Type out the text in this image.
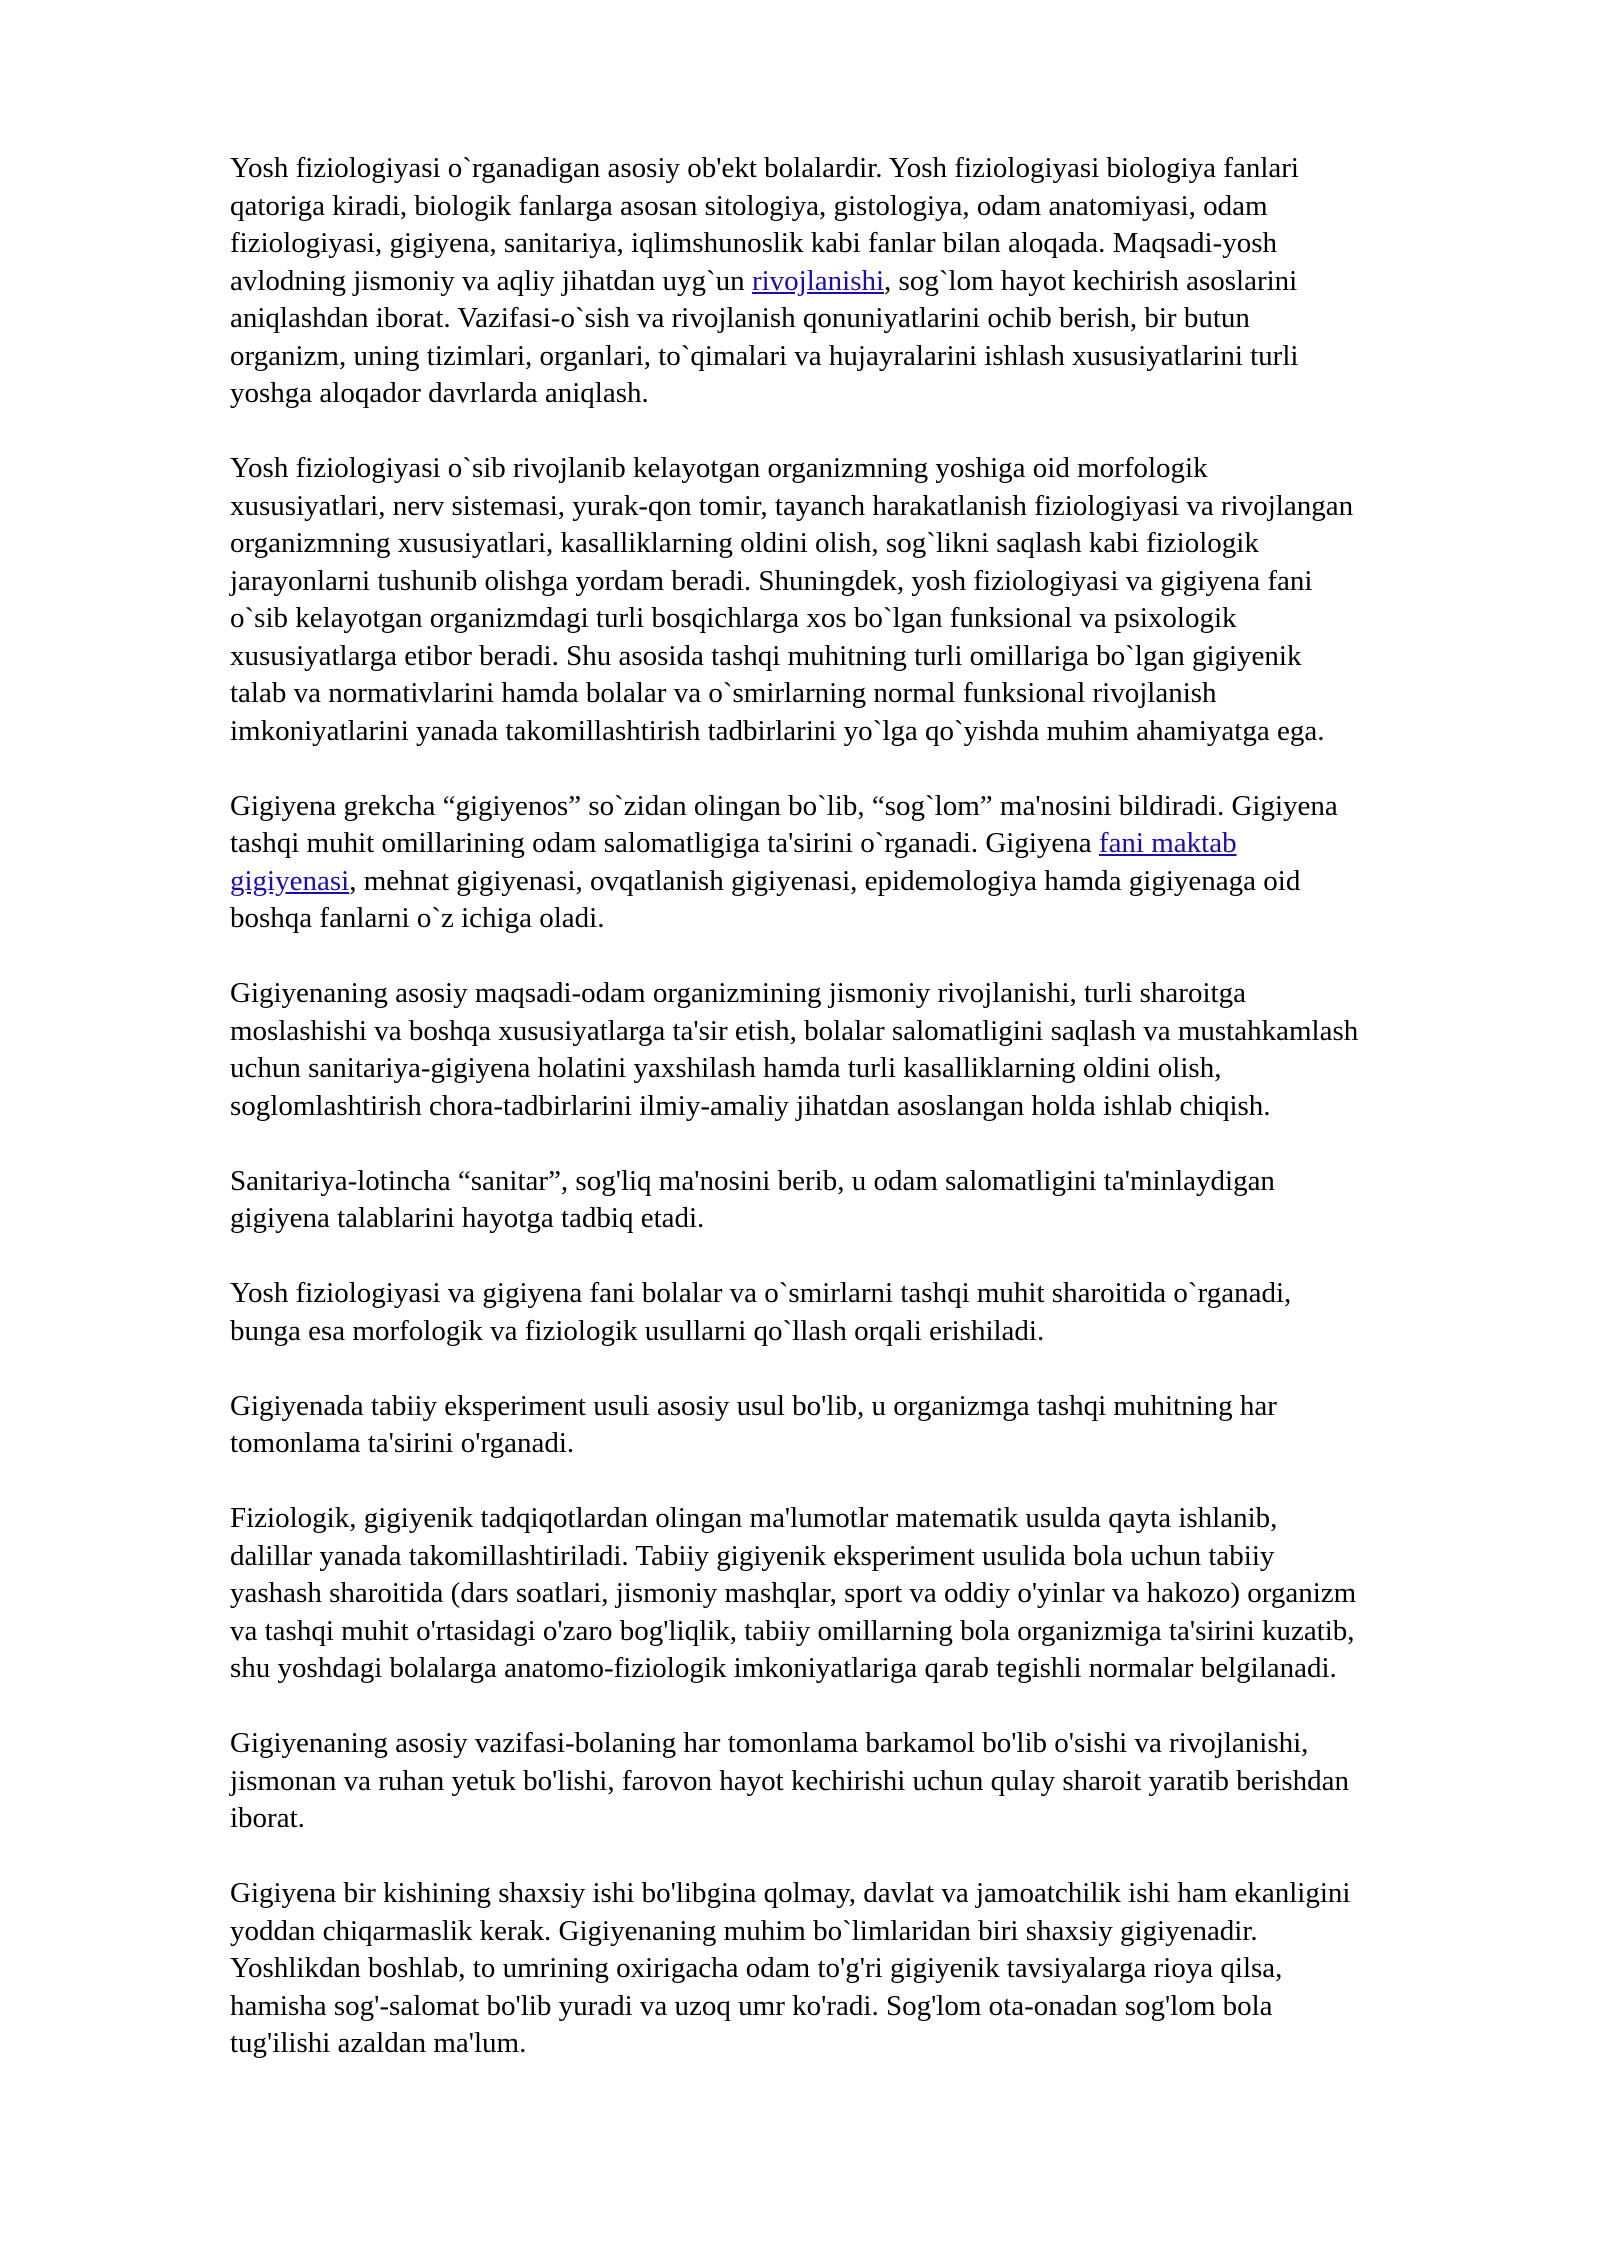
Yosh fiziologiyasi o`rganadigan asosiy ob'ekt bolalardir. Yosh fiziologiyasi biologiya fanlari
qatoriga kiradi, biologik fanlarga asosan sitologiya, gistologiya, odam anatomiyasi, odam
fiziologiyasi, gigiyena, sanitariya, iqlimshunoslik kabi fanlar bilan aloqada. Maqsadi-yosh
avlodning jismoniy va aqliy jihatdan uyg`un rivojlanishi, sog`lom hayot kechirish asoslarini
aniqlashdan iborat. Vazifasi-o`sish va rivojlanish qonuniyatlarini ochib berish, bir butun
organizm, uning tizimlari, organlari, to`qimalari va hujayralarini ishlash xususiyatlarini turli
yoshga aloqador davrlarda aniqlash.

Yosh fiziologiyasi o`sib rivojlanib kelayotgan organizmning yoshiga oid morfologik
xususiyatlari, nerv sistemasi, yurak-qon tomir, tayanch harakatlanish fiziologiyasi va rivojlangan
organizmning xususiyatlari, kasalliklarning oldini olish, sog`likni saqlash kabi fiziologik
jarayonlarni tushunib olishga yordam beradi. Shuningdek, yosh fiziologiyasi va gigiyena fani
o`sib kelayotgan organizmdagi turli bosqichlarga xos bo`lgan funksional va psixologik
xususiyatlarga etibor beradi. Shu asosida tashqi muhitning turli omillariga bo`lgan gigiyenik
talab va normativlarini hamda bolalar va o`smirlarning normal funksional rivojlanish
imkoniyatlarini yanada takomillashtirish tadbirlarini yo`lga qo`yishda muhim ahamiyatga ega.

Gigiyena grekcha “gigiyenos” so`zidan olingan bo`lib, “sog`lom” ma'nosini bildiradi. Gigiyena
tashqi muhit omillarining odam salomatligiga ta'sirini o`rganadi. Gigiyena fani maktab
gigiyenasi, mehnat gigiyenasi, ovqatlanish gigiyenasi, epidemologiya hamda gigiyenaga oid
boshqa fanlarni o`z ichiga oladi.

Gigiyenaning asosiy maqsadi-odam organizmining jismoniy rivojlanishi, turli sharoitga
moslashishi va boshqa xususiyatlarga ta'sir etish, bolalar salomatligini saqlash va mustahkamlash
uchun sanitariya-gigiyena holatini yaxshilash hamda turli kasalliklarning oldini olish,
soglomlashtirish chora-tadbirlarini ilmiy-amaliy jihatdan asoslangan holda ishlab chiqish.

Sanitariya-lotincha “sanitar”, sog'liq ma'nosini berib, u odam salomatligini ta'minlaydigan
gigiyena talablarini hayotga tadbiq etadi.

Yosh fiziologiyasi va gigiyena fani bolalar va o`smirlarni tashqi muhit sharoitida o`rganadi,
bunga esa morfologik va fiziologik usullarni qo`llash orqali erishiladi.

Gigiyenada tabiiy eksperiment usuli asosiy usul bo'lib, u organizmga tashqi muhitning har
tomonlama ta'sirini o'rganadi.

Fiziologik, gigiyenik tadqiqotlardan olingan ma'lumotlar matematik usulda qayta ishlanib,
dalillar yanada takomillashtiriladi. Tabiiy gigiyenik eksperiment usulida bola uchun tabiiy
yashash sharoitida (dars soatlari, jismoniy mashqlar, sport va oddiy o'yinlar va hakozo) organizm
va tashqi muhit o'rtasidagi o'zaro bog'liqlik, tabiiy omillarning bola organizmiga ta'sirini kuzatib,
shu yoshdagi bolalarga anatomo-fiziologik imkoniyatlariga qarab tegishli normalar belgilanadi.

Gigiyenaning asosiy vazifasi-bolaning har tomonlama barkamol bo'lib o'sishi va rivojlanishi,
jismonan va ruhan yetuk bo'lishi, farovon hayot kechirishi uchun qulay sharoit yaratib berishdan
iborat.

Gigiyena bir kishining shaxsiy ishi bo'libgina qolmay, davlat va jamoatchilik ishi ham ekanligini
yoddan chiqarmaslik kerak. Gigiyenaning muhim bo`limlaridan biri shaxsiy gigiyenadir.
Yoshlikdan boshlab, to umrining oxirigacha odam to'g'ri gigiyenik tavsiyalarga rioya qilsa,
hamisha sog'-salomat bo'lib yuradi va uzoq umr ko'radi. Sog'lom ota-onadan sog'lom bola
tug'ilishi azaldan ma'lum.
